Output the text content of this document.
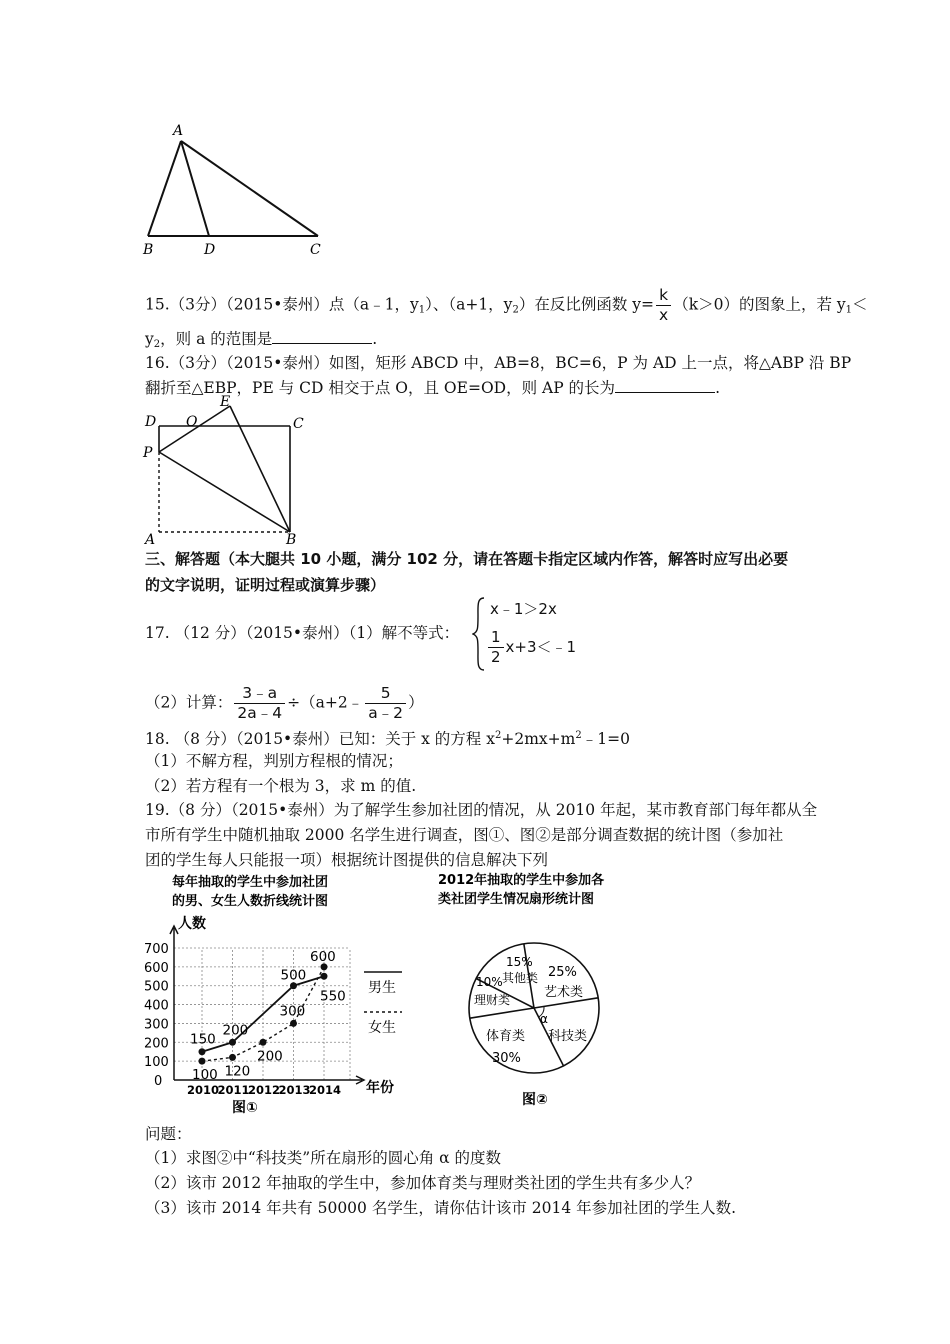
A
B	D	C
15.（3分）（2015•泰州）点（a﹣1，$y_1$）、（a+1，$y_2$）在反比例函数 $y= \frac{k}{x} (k>0)$的图象上，若 $y_1<$
$y_2$，则 a 的范围是	.
16.（3分）（2015•泰州）如图，矩形 ABCD 中，AB=8，BC=6，P 为 AD 上一点，将△ABP 沿 BP
翻折至△EBP，PE 与 CD 相交于点 O，且 OE=OD，则 AP 的长为	.
D O
E
C
P
A	B
三、解答题（本大腿共 10 小题，满分 102 分，请在答题卡指定区域内作答，解答时应写出必要
的文字说明，证明过程或演算步骤）
17. （12 分）（2015•泰州）（1）解不等式：
x﹣1＞2x
$\frac{1}{2}$ x+3＜﹣1
（2）计算： $\frac{3﹣a}{2a﹣4}$ ÷（a+2﹣ $\frac{5}{a﹣2}$ ）
18. （8 分）（2015•泰州）已知：关于 x 的方程 $x^2+2mx+m^2﹣1=0$
（1）不解方程，判别方程根的情况；
（2）若方程有一个根为 3，求 m 的值.
19.（8 分）（2015•泰州）为了解学生参加社团的情况，从 2010 年起，某市教育部门每年都从全
市所有学生中随机抽取 2000 名学生进行调查，图①、图②是部分调查数据的统计图（参加社
团的学生每人只能报一项）根据统计图提供的信息解决下列
每年抽取的学生中参加社团
的男、女生人数折线统计图
人数
年份
0
100
200
300
400
500
600
700
2010
2011
2012
2013
2014
150
200
500
550
100 120
200
300
600
男生
女生
图①
2012年抽取的学生中参加各
类社团学生情况扇形统计图
25%
艺术类
α
科技类
体育类
30%
10%
理财类
15%
其他类
图②
问题：
（1）求图②中“科技类”所在扇形的圆心角 α 的度数
（2）该市 2012 年抽取的学生中，参加体育类与理财类社团的学生共有多少人？
（3）该市 2014 年共有 50000 名学生，请你估计该市 2014 年参加社团的学生人数.
